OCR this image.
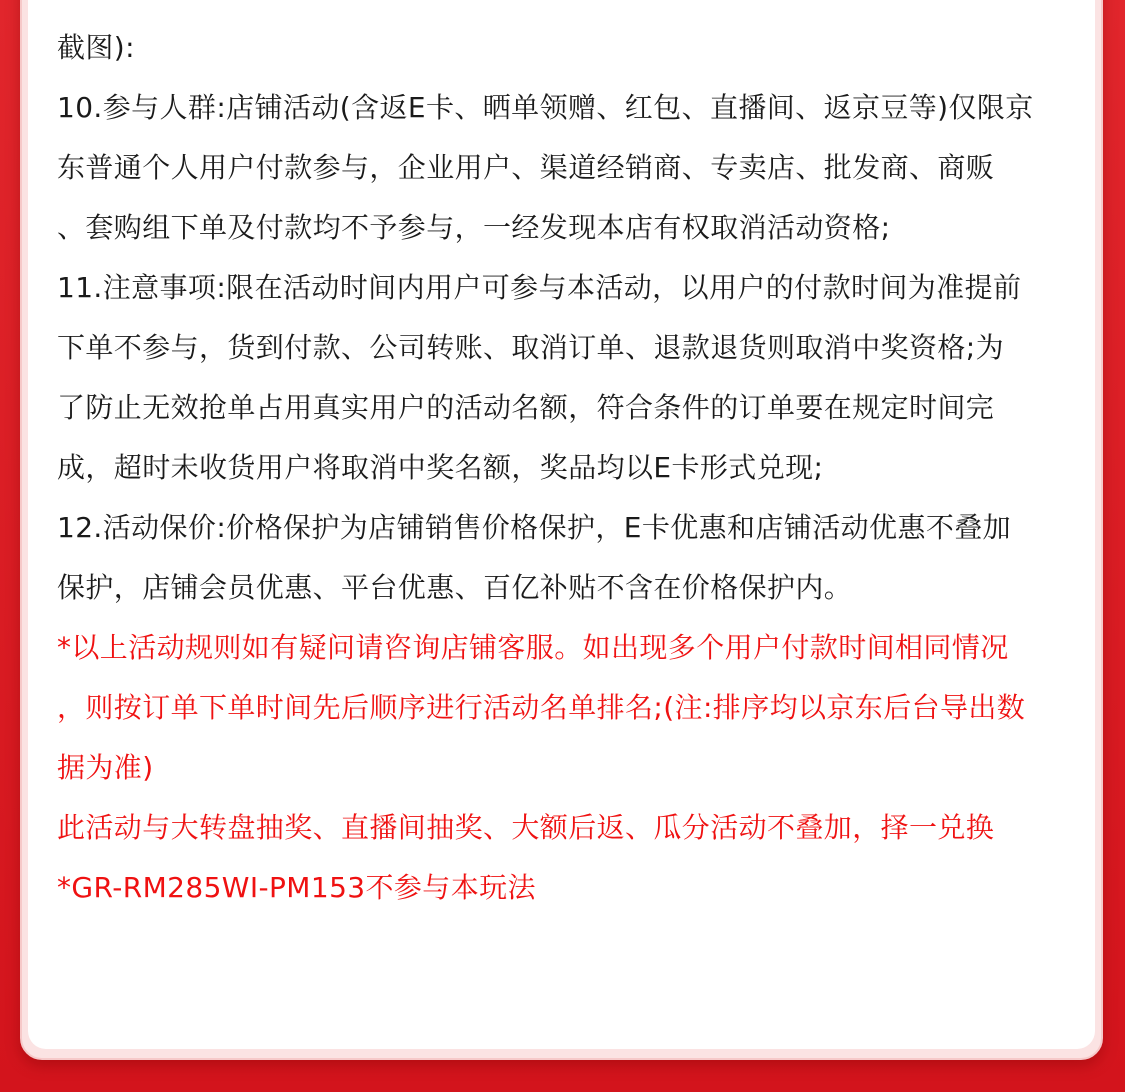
截图):
10.参与人群:店铺活动(含返E卡、晒单领赠、红包、直播间、返京豆等)仅限京
东普通个人用户付款参与，企业用户、渠道经销商、专卖店、批发商、商贩
、套购组下单及付款均不予参与，一经发现本店有权取消活动资格;
11.注意事项:限在活动时间内用户可参与本活动，以用户的付款时间为准提前
下单不参与，货到付款、公司转账、取消订单、退款退货则取消中奖资格;为
了防止无效抢单占用真实用户的活动名额，符合条件的订单要在规定时间完
成，超时未收货用户将取消中奖名额，奖品均以E卡形式兑现;
12.活动保价:价格保护为店铺销售价格保护，E卡优惠和店铺活动优惠不叠加
保护，店铺会员优惠、平台优惠、百亿补贴不含在价格保护内。
*以上活动规则如有疑问请咨询店铺客服。如出现多个用户付款时间相同情况
，则按订单下单时间先后顺序进行活动名单排名;(注:排序均以京东后台导出数
据为准)
此活动与大转盘抽奖、直播间抽奖、大额后返、瓜分活动不叠加，择一兑换
*GR-RM285WI-PM153不参与本玩法
